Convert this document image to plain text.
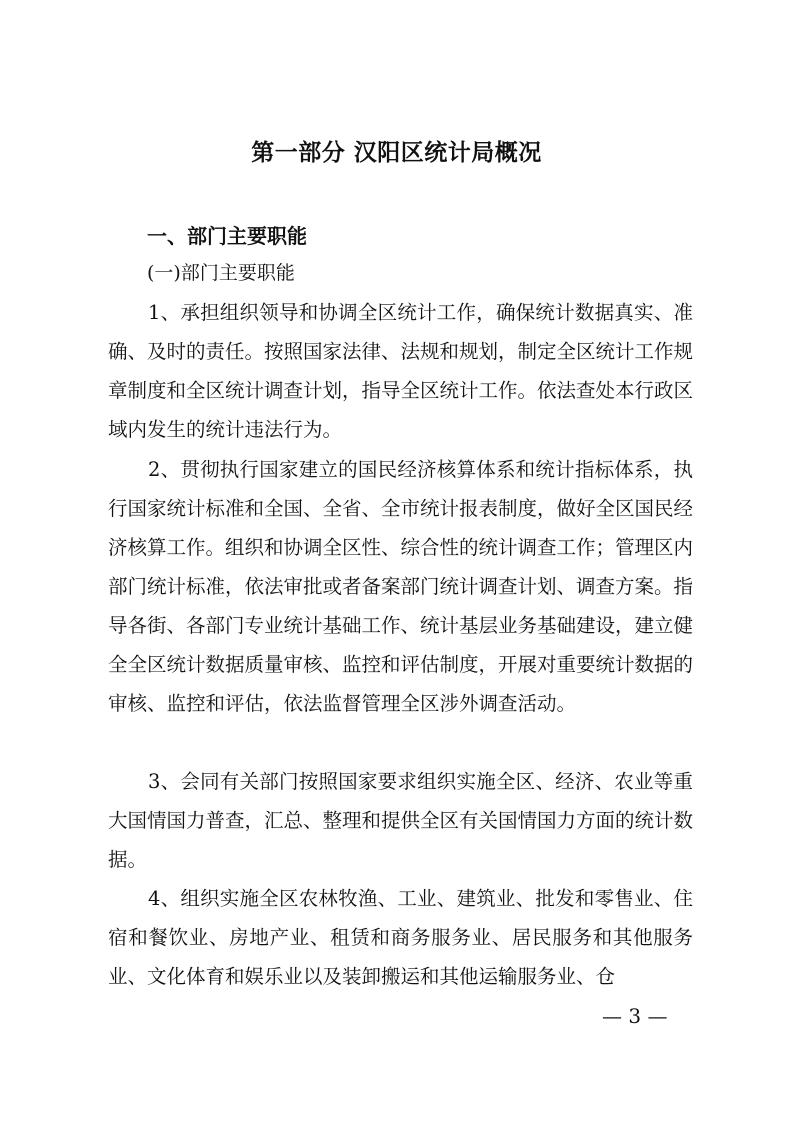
第一部分 汉阳区统计局概况
一、部门主要职能
(一)部门主要职能

1、承担组织领导和协调全区统计工作，确保统计数据真实、准确、及时的责任。按照国家法律、法规和规划，制定全区统计工作规章制度和全区统计调查计划，指导全区统计工作。依法查处本行政区域内发生的统计违法行为。

2、贯彻执行国家建立的国民经济核算体系和统计指标体系，执行国家统计标准和全国、全省、全市统计报表制度，做好全区国民经济核算工作。组织和协调全区性、综合性的统计调查工作；管理区内部门统计标准，依法审批或者备案部门统计调查计划、调查方案。指导各街、各部门专业统计基础工作、统计基层业务基础建设，建立健全全区统计数据质量审核、监控和评估制度，开展对重要统计数据的审核、监控和评估，依法监督管理全区涉外调查活动。

3、会同有关部门按照国家要求组织实施全区、经济、农业等重大国情国力普查，汇总、整理和提供全区有关国情国力方面的统计数据。

4、组织实施全区农林牧渔、工业、建筑业、批发和零售业、住宿和餐饮业、房地产业、租赁和商务服务业、居民服务和其他服务业、文化体育和娱乐业以及装卸搬运和其他运输服务业、仓

— 3 —
